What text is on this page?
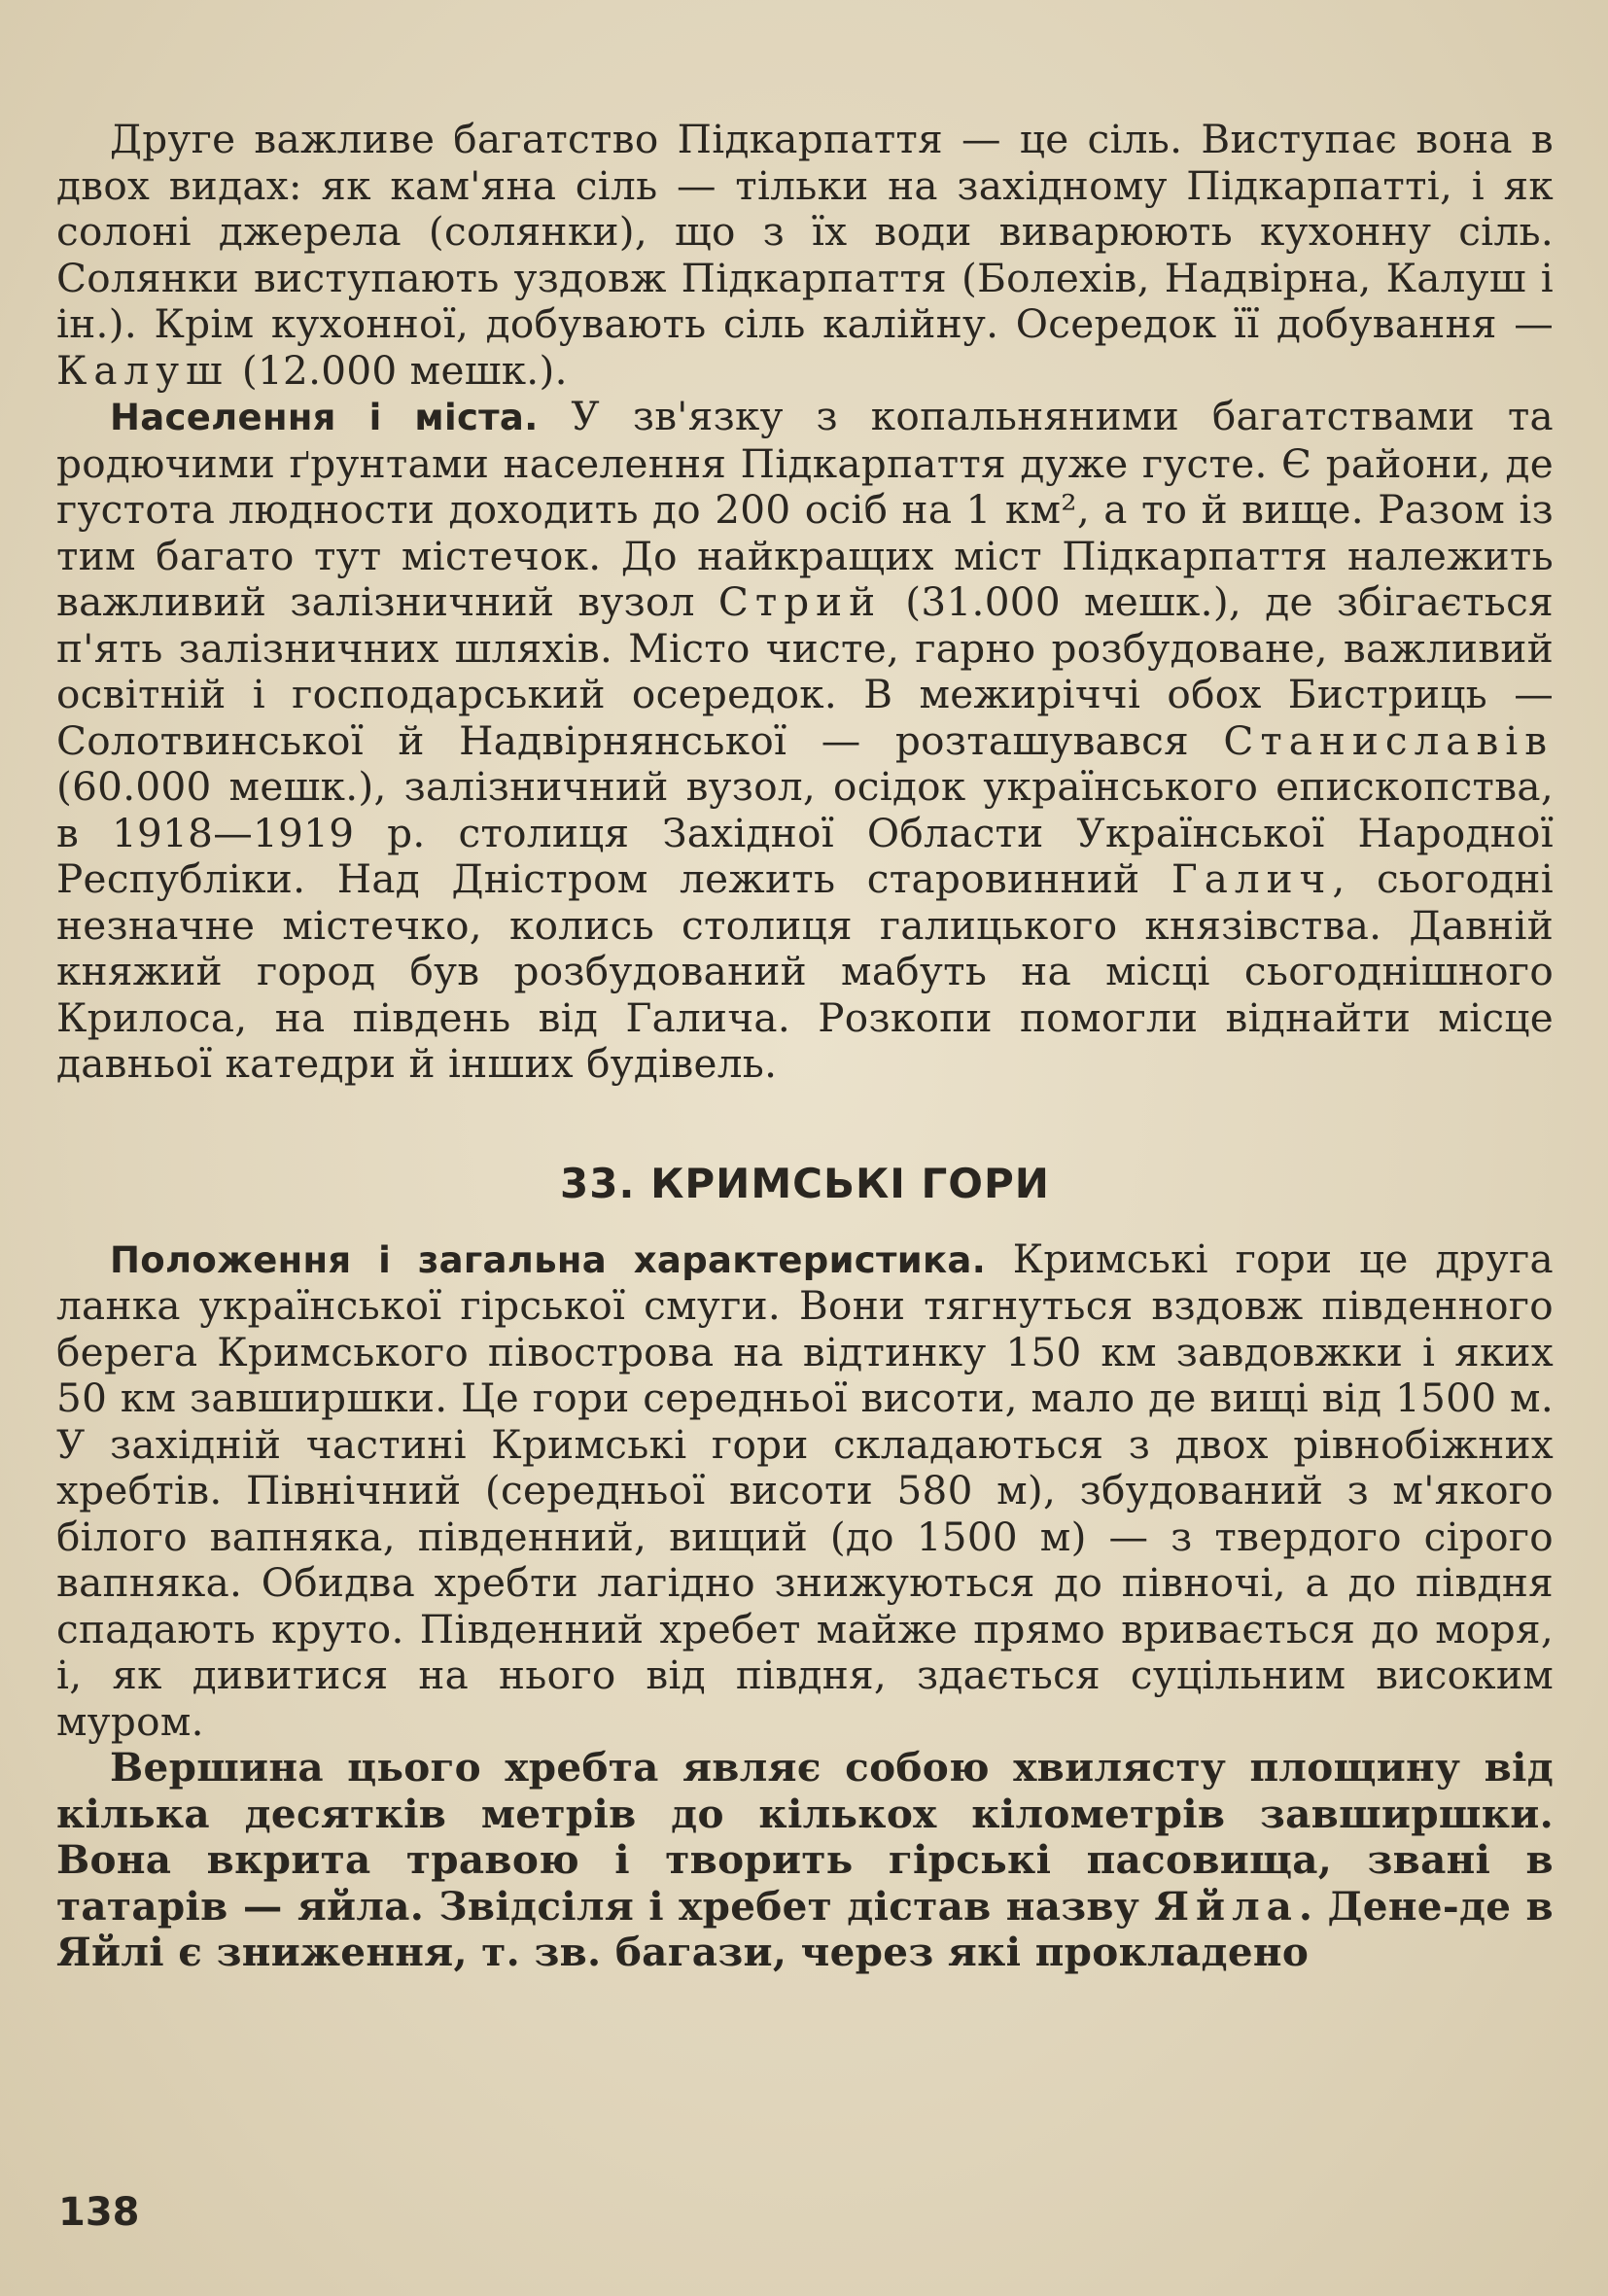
Друге важливе багатство Підкарпаття — це сіль. Виступає вона в двох видах: як кам'яна сіль — тільки на західному Підкарпатті, і як солоні джерела (солянки), що з їх води виварюють кухонну сіль. Солянки виступають уздовж Підкарпаття (Болехів, Надвірна, Калуш і ін.). Крім кухонної, добувають сіль калійну. Осередок її добування — Калуш (12.000 мешк.).

Населення і міста. У зв'язку з копальняними багатствами та родючими ґрунтами населення Підкарпаття дуже густе. Є райони, де густота людности доходить до 200 осіб на 1 км², а то й вище. Разом із тим багато тут містечок. До найкращих міст Підкарпаття належить важливий залізничний вузол Стрий (31.000 мешк.), де збігається п'ять залізничних шляхів. Місто чисте, гарно розбудоване, важливий освітній і господарський осередок. В межиріччі обох Бистриць — Солотвинської й Надвірнянської — розташувався Станиславів (60.000 мешк.), залізничний вузол, осідок українського епископства, в 1918—1919 р. столиця Західної Области Української Народної Республіки. Над Дністром лежить старовинний Галич, сьогодні незначне містечко, колись столиця галицького князівства. Давній княжий город був розбудований мабуть на місці сьогоднішного Крилоса, на південь від Галича. Розкопи помогли віднайти місце давньої катедри й інших будівель.

33. КРИМСЬКІ ГОРИ

Положення і загальна характеристика. Кримські гори це друга ланка української гірської смуги. Вони тягнуться вздовж південного берега Кримського півострова на відтинку 150 км завдовжки і яких 50 км завширшки. Це гори середньої висоти, мало де вищі від 1500 м. У західній частині Кримські гори складаються з двох рівнобіжних хребтів. Північний (середньої висоти 580 м), збудований з м'якого білого вапняка, південний, вищий (до 1500 м) — з твердого сірого вапняка. Обидва хребти лагідно знижуються до півночі, а до півдня спадають круто. Південний хребет майже прямо вривається до моря, і, як дивитися на нього від півдня, здається суцільним високим муром.

Вершина цього хребта являє собою хвилясту площину від кілька десятків метрів до кількох кілометрів завширшки. Вона вкрита травою і творить гірські пасовища, звані в татарів — яйла. Звідсіля і хребет дістав назву Яйла. Дене-де в Яйлі є зниження, т. зв. багази, через які прокладено

138
